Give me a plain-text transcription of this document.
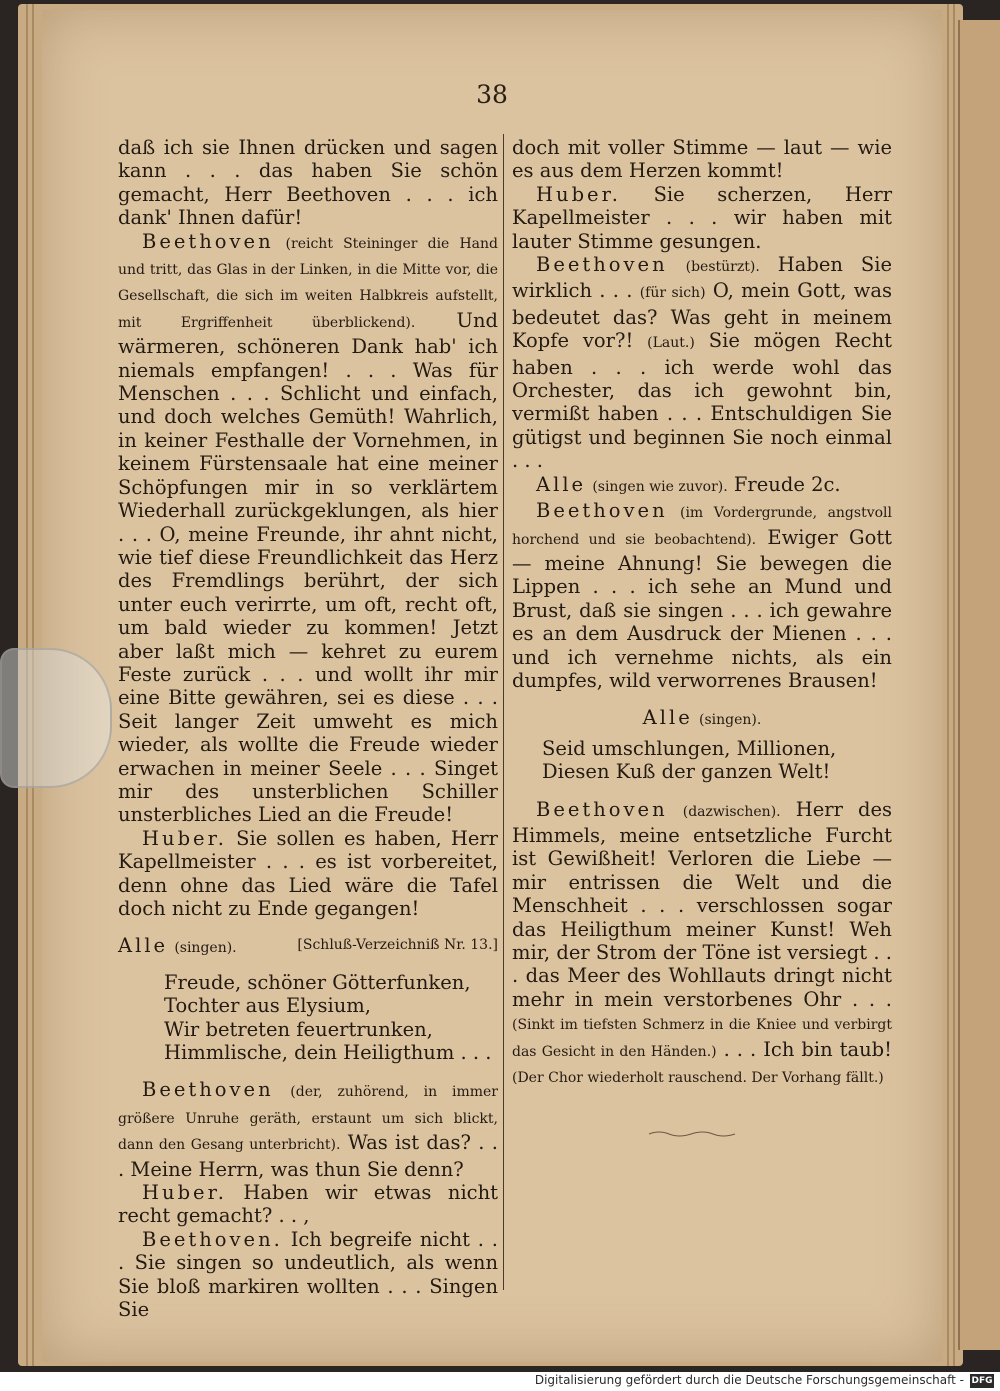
38

daß ich sie Ihnen drücken und sagen kann . . . das haben Sie schön gemacht, Herr Beethoven . . . ich dank' Ihnen dafür!

Beethoven (reicht Steininger die Hand und tritt, das Glas in der Linken, in die Mitte vor, die Gesellschaft, die sich im weiten Halbkreis aufstellt, mit Ergriffenheit überblickend). Und wärmeren, schöneren Dank hab' ich niemals empfangen! . . . Was für Menschen . . . Schlicht und einfach, und doch welches Gemüth! Wahrlich, in keiner Festhalle der Vornehmen, in keinem Fürstensaale hat eine meiner Schöpfungen mir in so verklärtem Wiederhall zurückgeklungen, als hier . . . O, meine Freunde, ihr ahnt nicht, wie tief diese Freundlichkeit das Herz des Fremdlings berührt, der sich unter euch verirrte, um oft, recht oft, um bald wieder zu kommen! Jetzt aber laßt mich — kehret zu eurem Feste zurück . . . und wollt ihr mir eine Bitte gewähren, sei es diese . . . Seit langer Zeit umweht es mich wieder, als wollte die Freude wieder erwachen in meiner Seele . . . Singet mir des unsterblichen Schiller unsterbliches Lied an die Freude!

Huber. Sie sollen es haben, Herr Kapellmeister . . . es ist vorbereitet, denn ohne das Lied wäre die Tafel doch nicht zu Ende gegangen!

Alle (singen).	[Schluß-Verzeichniß Nr. 13.]

Freude, schöner Götterfunken,
Tochter aus Elysium,
Wir betreten feuertrunken,
Himmlische, dein Heiligthum . . .

Beethoven (der, zuhörend, in immer größere Unruhe geräth, erstaunt um sich blickt, dann den Gesang unterbricht). Was ist das? . . . Meine Herrn, was thun Sie denn?

Huber. Haben wir etwas nicht recht gemacht? . . ,

Beethoven. Ich begreife nicht . . . Sie singen so undeutlich, als wenn Sie bloß markiren wollten . . . Singen Sie

doch mit voller Stimme — laut — wie es aus dem Herzen kommt!

Huber. Sie scherzen, Herr Kapellmeister . . . wir haben mit lauter Stimme gesungen.

Beethoven (bestürzt). Haben Sie wirklich . . . (für sich) O, mein Gott, was bedeutet das? Was geht in meinem Kopfe vor?! (Laut.) Sie mögen Recht haben . . . ich werde wohl das Orchester, das ich gewohnt bin, vermißt haben . . . Entschuldigen Sie gütigst und beginnen Sie noch einmal . . .

Alle (singen wie zuvor). Freude 2c.

Beethoven (im Vordergrunde, angstvoll horchend und sie beobachtend). Ewiger Gott — meine Ahnung! Sie bewegen die Lippen . . . ich sehe an Mund und Brust, daß sie singen . . . ich gewahre es an dem Ausdruck der Mienen . . . und ich vernehme nichts, als ein dumpfes, wild verworrenes Brausen!

Alle (singen).

Seid umschlungen, Millionen, Diesen Kuß der ganzen Welt!

Beethoven (dazwischen). Herr des Himmels, meine entsetzliche Furcht ist Gewißheit! Verloren die Liebe — mir entrissen die Welt und die Menschheit . . . verschlossen sogar das Heiligthum meiner Kunst! Weh mir, der Strom der Töne ist versiegt . . . das Meer des Wohllauts dringt nicht mehr in mein verstorbenes Ohr . . . (Sinkt im tiefsten Schmerz in die Kniee und verbirgt das Gesicht in den Händen.) . . . Ich bin taub! (Der Chor wiederholt rauschend. Der Vorhang fällt.)

Digitalisierung gefördert durch die Deutsche Forschungsgemeinschaft - DFG
